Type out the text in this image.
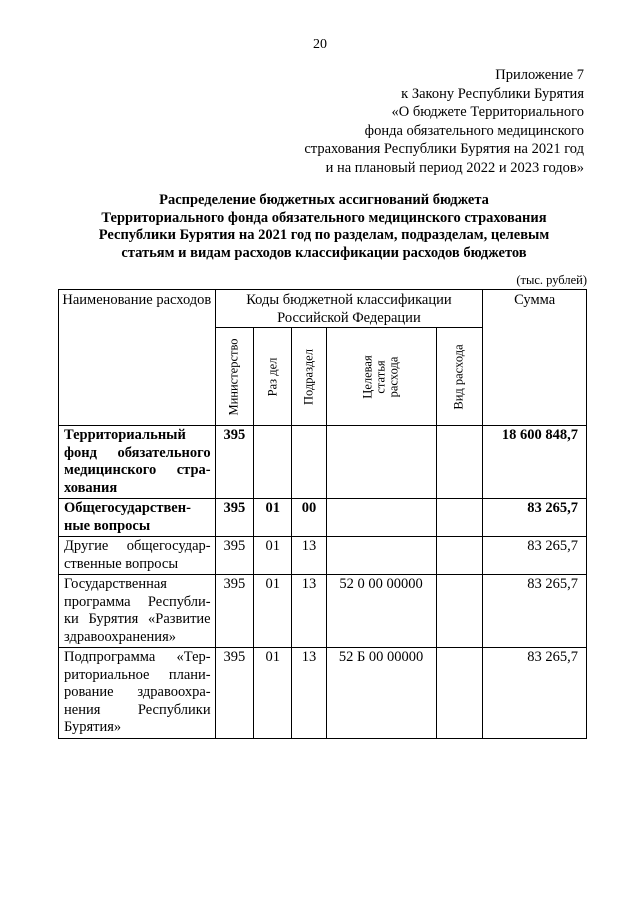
20
Приложение 7
к Закону Республики Бурятия
«О бюджете Территориального
фонда обязательного медицинского
страхования Республики Бурятия на 2021 год
и на плановый период 2022 и 2023 годов»
Распределение бюджетных ассигнований бюджета
Территориального фонда обязательного медицинского страхования
Республики Бурятия на 2021 год по разделам, подразделам, целевым
статьям и видам расходов классификации расходов бюджетов
(тыс. рублей)
Наименование расходов	Коды бюджетной классификации Российской Федерации					Сумма

	Министерство	Раз дел	Подраздел	Целевая статья расхода	Вид расхода	

Территориальный
фонд обязательного
медицинского стра-
хования	395					18 600 848,7

Общегосударствен-
ные вопросы	395	01	00			83 265,7

Другие общегосудар-
ственные вопросы	395	01	13			83 265,7

Государственная
программа Республи-
ки Бурятия «Развитие
здравоохранения»	395	01	13	52 0 00 00000		83 265,7

Подпрограмма «Тер-
риториальное плани-
рование здравоохра-
нения Республики
Бурятия»	395	01	13	52 Б 00 00000		83 265,7
